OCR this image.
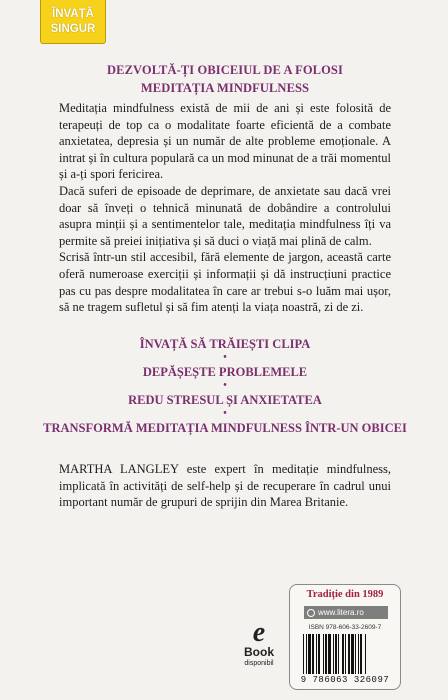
ÎNVAȚĂ
SINGUR
DEZVOLTĂ-ȚI OBICEIUL DE A FOLOSI
MEDITAȚIA MINDFULNESS

Meditația mindfulness există de mii de ani și este folosită de terapeuți de top ca o modalitate foarte eficientă de a combate anxietatea, depresia și un număr de alte probleme emoționale. A intrat și în cultura populară ca un mod minunat de a trăi momentul și a-ți spori fericirea.

Dacă suferi de episoade de deprimare, de anxietate sau dacă vrei doar să înveți o tehnică minunată de dobândire a controlului asupra minții și a sentimentelor tale, meditația mindfulness îți va permite să preiei inițiativa și să duci o viață mai plină de calm.

Scrisă într-un stil accesibil, fără elemente de jargon, această carte oferă numeroase exerciții și informații și dă instrucțiuni practice pas cu pas despre modalitatea în care ar trebui s-o luăm mai ușor, să ne tragem sufletul și să fim atenți la viața noastră, zi de zi.

ÎNVAȚĂ SĂ TRĂIEȘTI CLIPA
•
DEPĂȘEȘTE PROBLEMELE
•
REDU STRESUL ȘI ANXIETATEA
•
TRANSFORMĂ MEDITAȚIA MINDFULNESS ÎNTR-UN OBICEI

MARTHA LANGLEY este expert în meditație mindfulness, implicată în activități de self-help și de recuperare în cadrul unui important număr de grupuri de sprijin din Marea Britanie.

e
Book
disponibil
Tradiție din 1989
www.litera.ro
ISBN 978-606-33-2609-7
9 786063 326097
